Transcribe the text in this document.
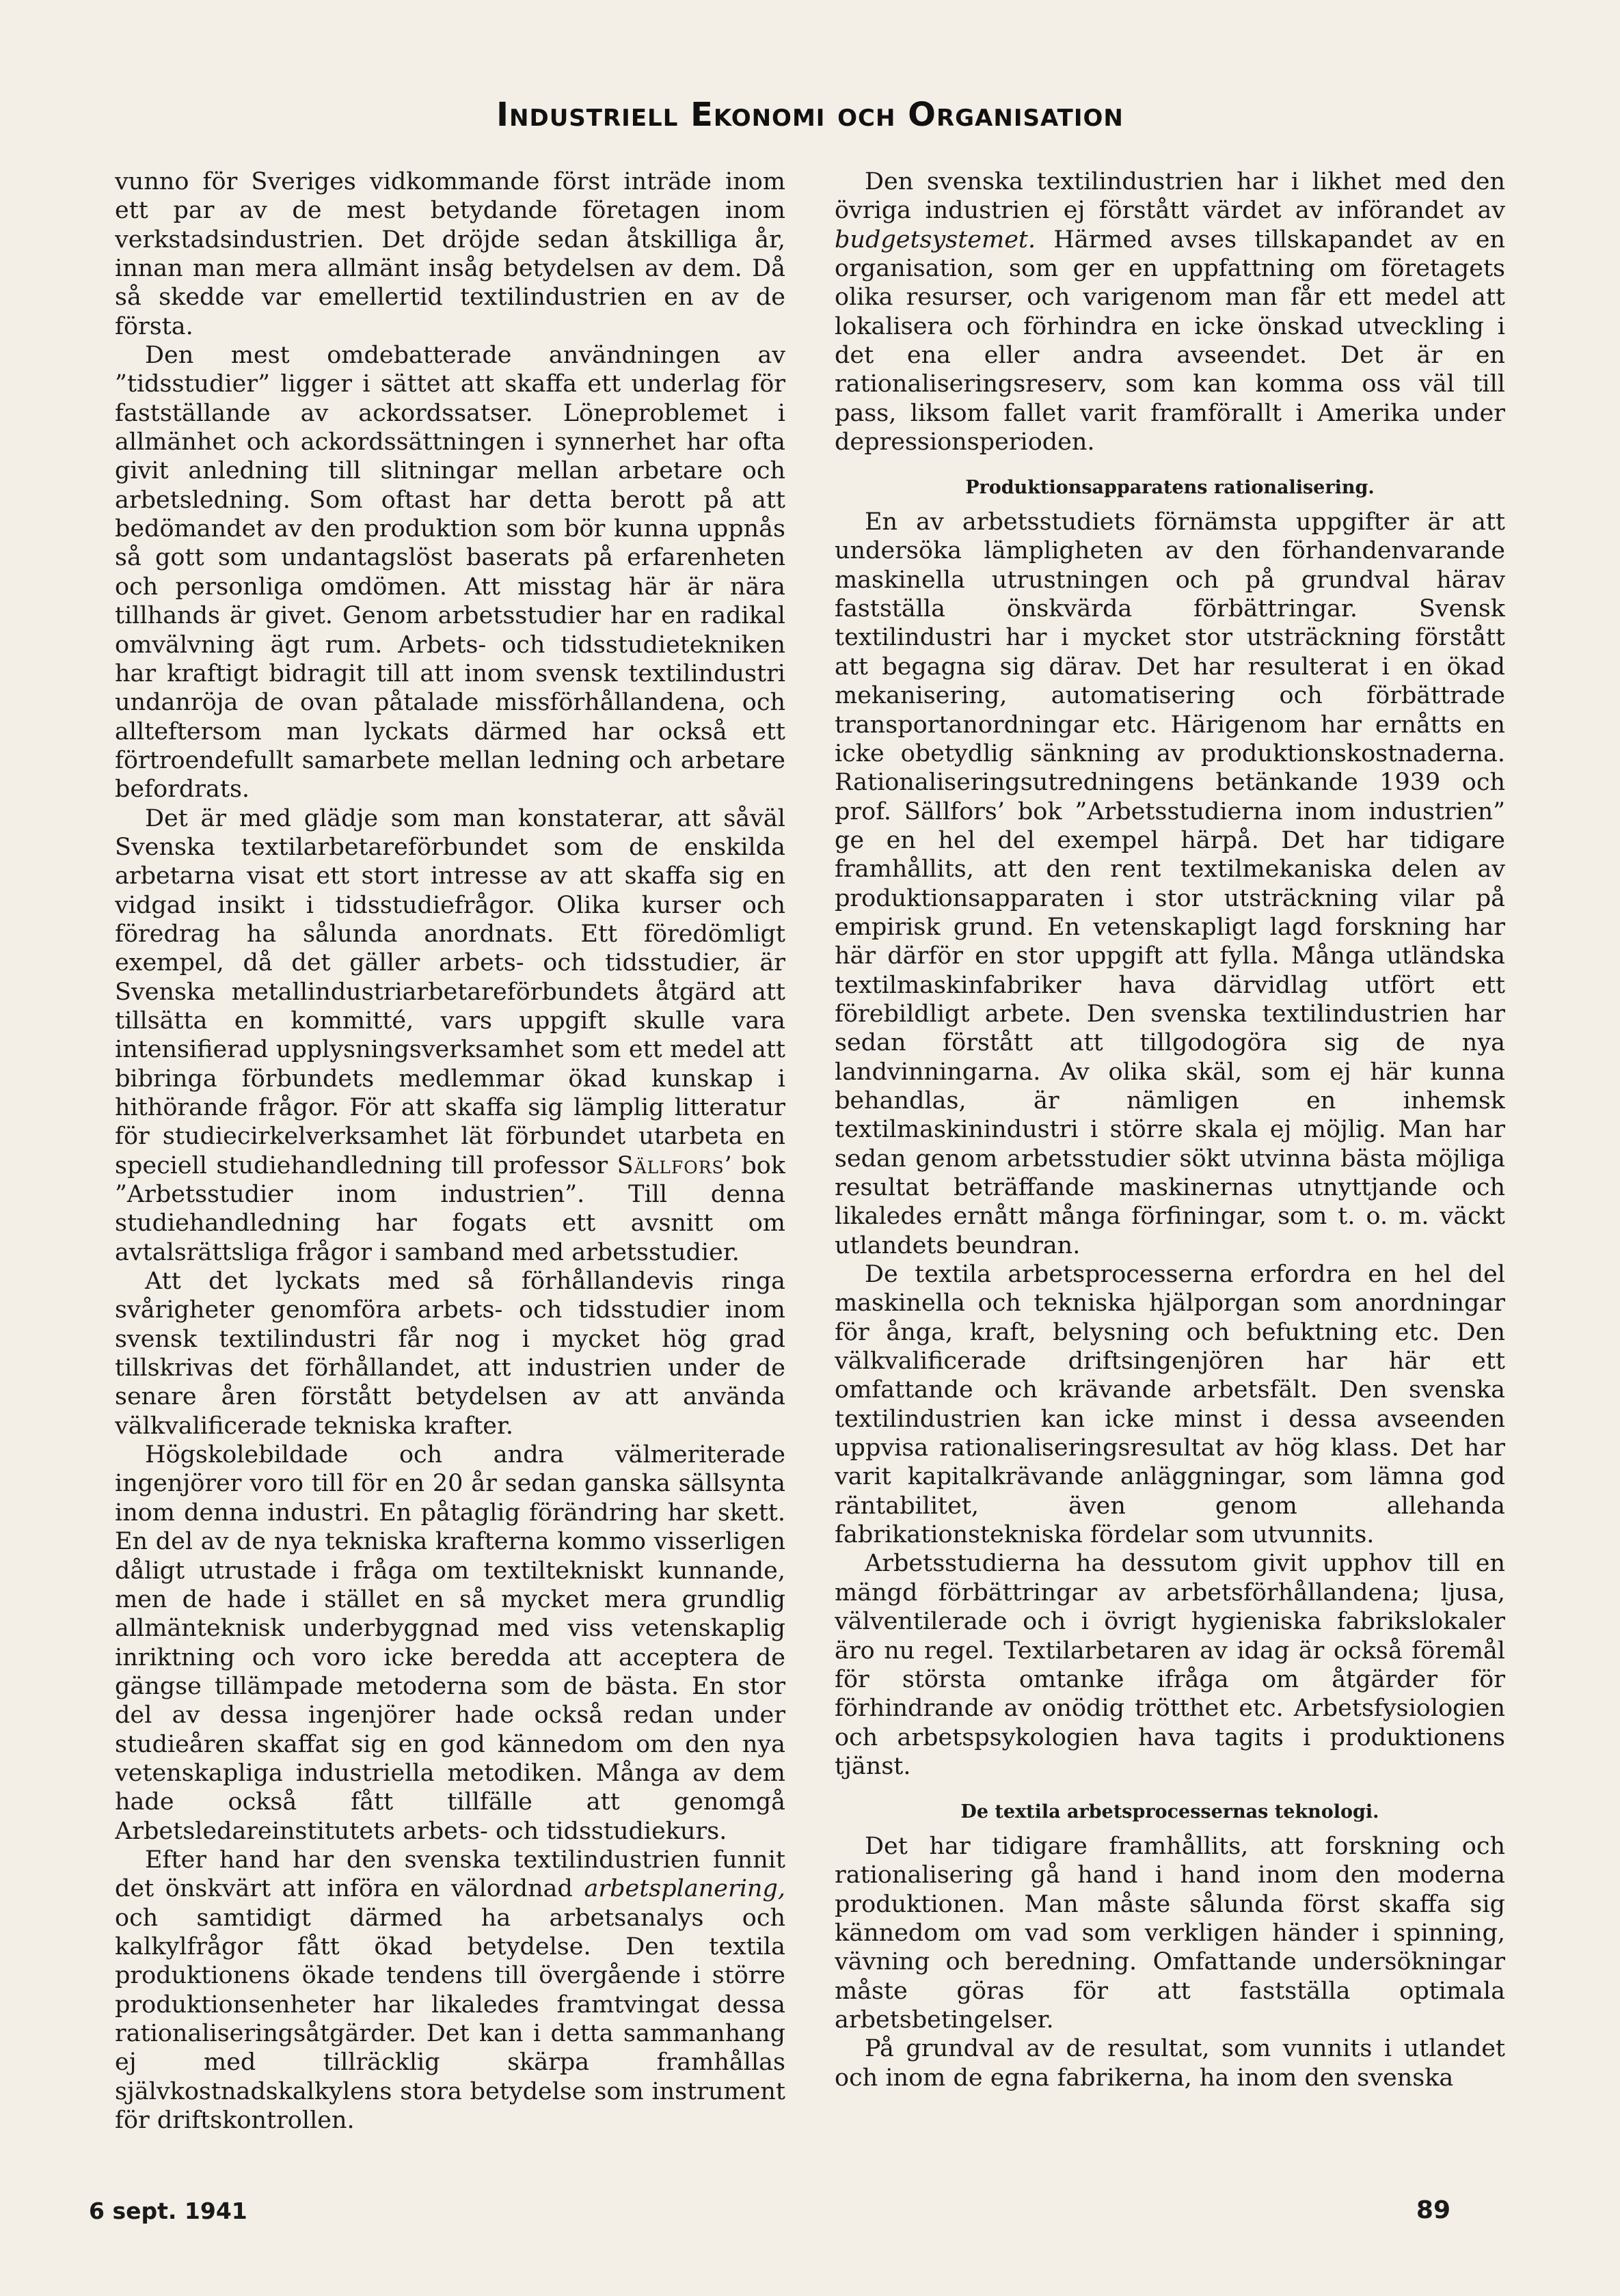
Industriell Ekonomi och Organisation

vunno för Sveriges vidkommande först inträde inom ett par av de mest betydande företagen inom verkstadsindustrien. Det dröjde sedan åtskilliga år, innan man mera allmänt insåg betydelsen av dem. Då så skedde var emellertid textilindustrien en av de första.

Den mest omdebatterade användningen av ”tidsstudier” ligger i sättet att skaffa ett underlag för fastställande av ackordssatser. Löneproblemet i allmänhet och ackordssättningen i synnerhet har ofta givit anledning till slitningar mellan arbetare och arbetsledning. Som oftast har detta berott på att bedömandet av den produktion som bör kunna uppnås så gott som undantagslöst baserats på erfarenheten och personliga omdömen. Att misstag här är nära tillhands är givet. Genom arbetsstudier har en radikal omvälvning ägt rum. Arbets- och tidsstudietekniken har kraftigt bidragit till att inom svensk textilindustri undanröja de ovan påtalade missförhållandena, och allteftersom man lyckats därmed har också ett förtroendefullt samarbete mellan ledning och arbetare befordrats.

Det är med glädje som man konstaterar, att såväl Svenska textilarbetareförbundet som de enskilda arbetarna visat ett stort intresse av att skaffa sig en vidgad insikt i tidsstudiefrågor. Olika kurser och föredrag ha sålunda anordnats. Ett föredömligt exempel, då det gäller arbets- och tidsstudier, är Svenska metallindustriarbetareförbundets åtgärd att tillsätta en kommitté, vars uppgift skulle vara intensifierad upplysningsverksamhet som ett medel att bibringa förbundets medlemmar ökad kunskap i hithörande frågor. För att skaffa sig lämplig litteratur för studiecirkelverksamhet lät förbundet utarbeta en speciell studiehandledning till professor Sällfors’ bok ”Arbetsstudier inom industrien”. Till denna studiehandledning har fogats ett avsnitt om avtalsrättsliga frågor i samband med arbetsstudier.

Att det lyckats med så förhållandevis ringa svårigheter genomföra arbets- och tidsstudier inom svensk textilindustri får nog i mycket hög grad tillskrivas det förhållandet, att industrien under de senare åren förstått betydelsen av att använda välkvalificerade tekniska krafter.

Högskolebildade och andra välmeriterade ingenjörer voro till för en 20 år sedan ganska sällsynta inom denna industri. En påtaglig förändring har skett. En del av de nya tekniska krafterna kommo visserligen dåligt utrustade i fråga om textiltekniskt kunnande, men de hade i stället en så mycket mera grundlig allmänteknisk underbyggnad med viss vetenskaplig inriktning och voro icke beredda att acceptera de gängse tillämpade metoderna som de bästa. En stor del av dessa ingenjörer hade också redan under studieåren skaffat sig en god kännedom om den nya vetenskapliga industriella metodiken. Många av dem hade också fått tillfälle att genomgå Arbetsledareinstitutets arbets- och tidsstudiekurs.

Efter hand har den svenska textilindustrien funnit det önskvärt att införa en välordnad arbetsplanering, och samtidigt därmed ha arbetsanalys och kalkylfrågor fått ökad betydelse. Den textila produktionens ökade tendens till övergående i större produktionsenheter har likaledes framtvingat dessa rationaliseringsåtgärder. Det kan i detta sammanhang ej med tillräcklig skärpa framhållas självkostnadskalkylens stora betydelse som instrument för driftskontrollen.

Den svenska textilindustrien har i likhet med den övriga industrien ej förstått värdet av införandet av budgetsystemet. Härmed avses tillskapandet av en organisation, som ger en uppfattning om företagets olika resurser, och varigenom man får ett medel att lokalisera och förhindra en icke önskad utveckling i det ena eller andra avseendet. Det är en rationaliseringsreserv, som kan komma oss väl till pass, liksom fallet varit framförallt i Amerika under depressionsperioden.

Produktionsapparatens rationalisering.

En av arbetsstudiets förnämsta uppgifter är att undersöka lämpligheten av den förhandenvarande maskinella utrustningen och på grundval härav fastställa önskvärda förbättringar. Svensk textilindustri har i mycket stor utsträckning förstått att begagna sig därav. Det har resulterat i en ökad mekanisering, automatisering och förbättrade transportanordningar etc. Härigenom har ernåtts en icke obetydlig sänkning av produktionskostnaderna. Rationaliseringsutredningens betänkande 1939 och prof. Sällfors’ bok ”Arbetsstudierna inom industrien” ge en hel del exempel härpå. Det har tidigare framhållits, att den rent textilmekaniska delen av produktionsapparaten i stor utsträckning vilar på empirisk grund. En vetenskapligt lagd forskning har här därför en stor uppgift att fylla. Många utländska textilmaskinfabriker hava därvidlag utfört ett förebildligt arbete. Den svenska textilindustrien har sedan förstått att tillgodogöra sig de nya landvinningarna. Av olika skäl, som ej här kunna behandlas, är nämligen en inhemsk textilmaskinindustri i större skala ej möjlig. Man har sedan genom arbetsstudier sökt utvinna bästa möjliga resultat beträffande maskinernas utnyttjande och likaledes ernått många förfiningar, som t. o. m. väckt utlandets beundran.

De textila arbetsprocesserna erfordra en hel del maskinella och tekniska hjälporgan som anordningar för ånga, kraft, belysning och befuktning etc. Den välkvalificerade driftsingenjören har här ett omfattande och krävande arbetsfält. Den svenska textilindustrien kan icke minst i dessa avseenden uppvisa rationaliseringsresultat av hög klass. Det har varit kapitalkrävande anläggningar, som lämna god räntabilitet, även genom allehanda fabrikationstekniska fördelar som utvunnits.

Arbetsstudierna ha dessutom givit upphov till en mängd förbättringar av arbetsförhållandena; ljusa, välventilerade och i övrigt hygieniska fabrikslokaler äro nu regel. Textilarbetaren av idag är också föremål för största omtanke ifråga om åtgärder för förhindrande av onödig trötthet etc. Arbetsfysiologien och arbetspsykologien hava tagits i produktionens tjänst.

De textila arbetsprocessernas teknologi.

Det har tidigare framhållits, att forskning och rationalisering gå hand i hand inom den moderna produktionen. Man måste sålunda först skaffa sig kännedom om vad som verkligen händer i spinning, vävning och beredning. Omfattande undersökningar måste göras för att fastställa optimala arbetsbetingelser.

På grundval av de resultat, som vunnits i utlandet och inom de egna fabrikerna, ha inom den svenska

6 sept. 1941	89
